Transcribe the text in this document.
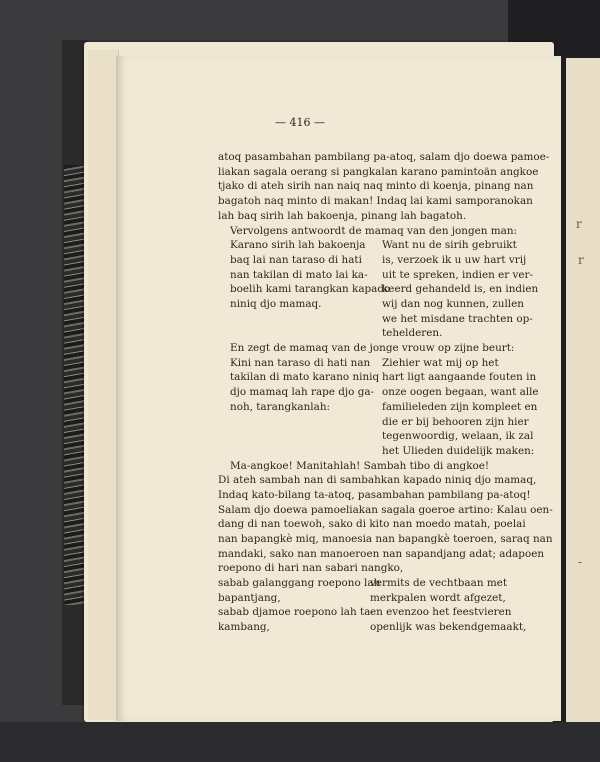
r
r
-
— 416 —
atoq pasambahan pambilang pa-atoq, salam djo doewa pamoe-
liakan sagala oerang si pangkalan karano pamintoän angkoe
tjako di ateh sirih nan naiq naq minto di koenja, pinang nan
bagatoh naq minto di makan! Indaq lai kami samporanokan
lah baq sirih lah bakoenja, pinang lah bagatoh.
Vervolgens antwoordt de mamaq van den jongen man:
Karano sirih lah bakoenja
baq lai nan taraso di hati
nan takilan di mato lai ka-
boelih kami tarangkan kapado
niniq djo mamaq.
Want nu de sirih gebruikt
is, verzoek ik u uw hart vrij
uit te spreken, indien er ver-
keerd gehandeld is, en indien
wij dan nog kunnen, zullen
we het misdane trachten op-
tehelderen.
En zegt de mamaq van de jonge vrouw op zijne beurt:
Kini nan taraso di hati nan
takilan di mato karano niniq
djo mamaq lah rape djo ga-
noh, tarangkanlah:
Ziehier wat mij op het
hart ligt aangaande fouten in
onze oogen begaan, want alle
familieleden zijn kompleet en
die er bij behooren zijn hier
tegenwoordig, welaan, ik zal
het Ulieden duidelijk maken:
Ma-angkoe! Manitahlah! Sambah tibo di angkoe!
Di ateh sambah nan di sambahkan kapado niniq djo mamaq,
Indaq kato-bilang ta-atoq, pasambahan pambilang pa-atoq!
Salam djo doewa pamoeliakan sagala goeroe artino: Kalau oen-
dang di nan toewoh, sako di kito nan moedo matah, poelai
nan bapangkè miq, manoesia nan bapangkè toeroen, saraq nan
mandaki, sako nan manoeroen nan sapandjang adat; adapoen
roepono di hari nan sabari nangko,
sabab galanggang roepono lah
bapantjang,
sabab djamoe roepono lah ta-
kambang,
vermits de vechtbaan met
merkpalen wordt afgezet,
en evenzoo het feestvieren
openlijk was bekendgemaakt,
